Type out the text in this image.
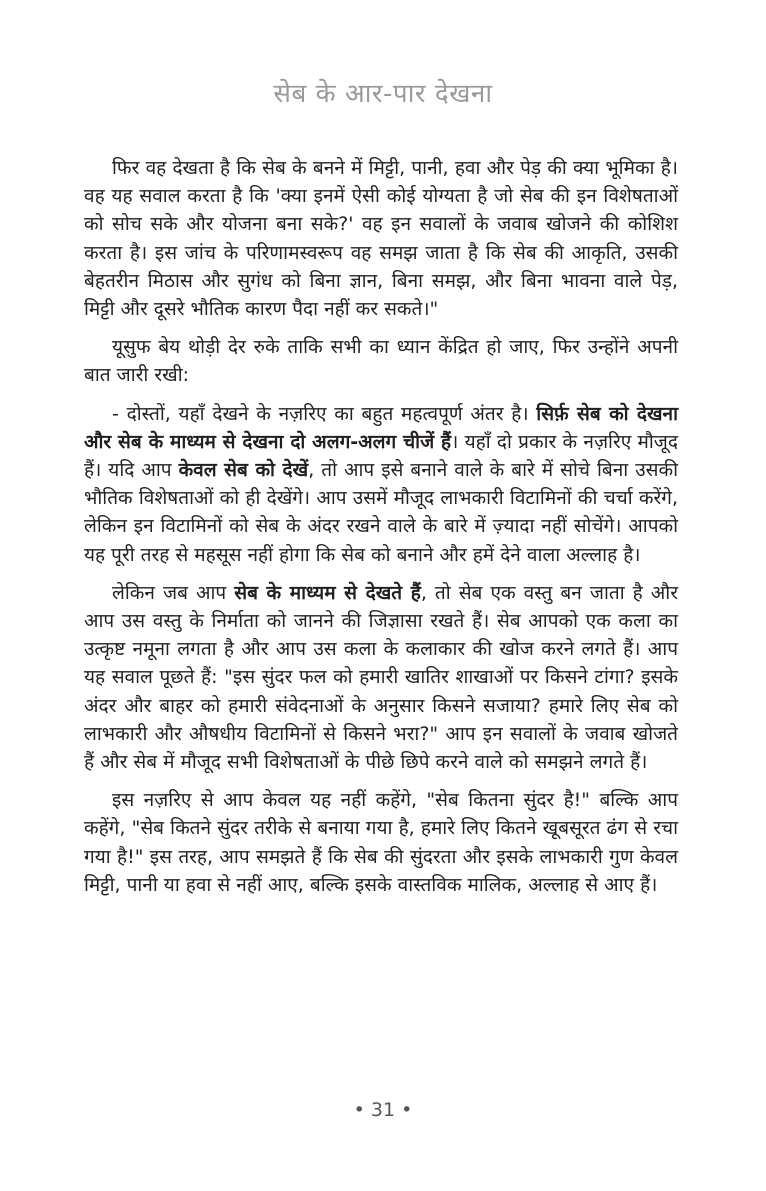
सेब के आर-पार देखना

फिर वह देखता है कि सेब के बनने में मिट्टी, पानी, हवा और पेड़ की क्या भूमिका है। वह यह सवाल करता है कि 'क्या इनमें ऐसी कोई योग्यता है जो सेब की इन विशेषताओं को सोच सके और योजना बना सके?' वह इन सवालों के जवाब खोजने की कोशिश करता है। इस जांच के परिणामस्वरूप वह समझ जाता है कि सेब की आकृति, उसकी बेहतरीन मिठास और सुगंध को बिना ज्ञान, बिना समझ, और बिना भावना वाले पेड़, मिट्टी और दूसरे भौतिक कारण पैदा नहीं कर सकते।"

यूसुफ बेय थोड़ी देर रुके ताकि सभी का ध्यान केंद्रित हो जाए, फिर उन्होंने अपनी बात जारी रखी:

- दोस्तों, यहाँ देखने के नज़रिए का बहुत महत्वपूर्ण अंतर है। सिर्फ़ सेब को देखना और सेब के माध्यम से देखना दो अलग-अलग चीजें हैं। यहाँ दो प्रकार के नज़रिए मौजूद हैं। यदि आप केवल सेब को देखें, तो आप इसे बनाने वाले के बारे में सोचे बिना उसकी भौतिक विशेषताओं को ही देखेंगे। आप उसमें मौजूद लाभकारी विटामिनों की चर्चा करेंगे, लेकिन इन विटामिनों को सेब के अंदर रखने वाले के बारे में ज़्यादा नहीं सोचेंगे। आपको यह पूरी तरह से महसूस नहीं होगा कि सेब को बनाने और हमें देने वाला अल्लाह है।

लेकिन जब आप सेब के माध्यम से देखते हैं, तो सेब एक वस्तु बन जाता है और आप उस वस्तु के निर्माता को जानने की जिज्ञासा रखते हैं। सेब आपको एक कला का उत्कृष्ट नमूना लगता है और आप उस कला के कलाकार की खोज करने लगते हैं। आप यह सवाल पूछते हैं: "इस सुंदर फल को हमारी खातिर शाखाओं पर किसने टांगा? इसके अंदर और बाहर को हमारी संवेदनाओं के अनुसार किसने सजाया? हमारे लिए सेब को लाभकारी और औषधीय विटामिनों से किसने भरा?" आप इन सवालों के जवाब खोजते हैं और सेब में मौजूद सभी विशेषताओं के पीछे छिपे करने वाले को समझने लगते हैं।

इस नज़रिए से आप केवल यह नहीं कहेंगे, "सेब कितना सुंदर है!" बल्कि आप कहेंगे, "सेब कितने सुंदर तरीके से बनाया गया है, हमारे लिए कितने खूबसूरत ढंग से रचा गया है!" इस तरह, आप समझते हैं कि सेब की सुंदरता और इसके लाभकारी गुण केवल मिट्टी, पानी या हवा से नहीं आए, बल्कि इसके वास्तविक मालिक, अल्लाह से आए हैं।

• 31 •
